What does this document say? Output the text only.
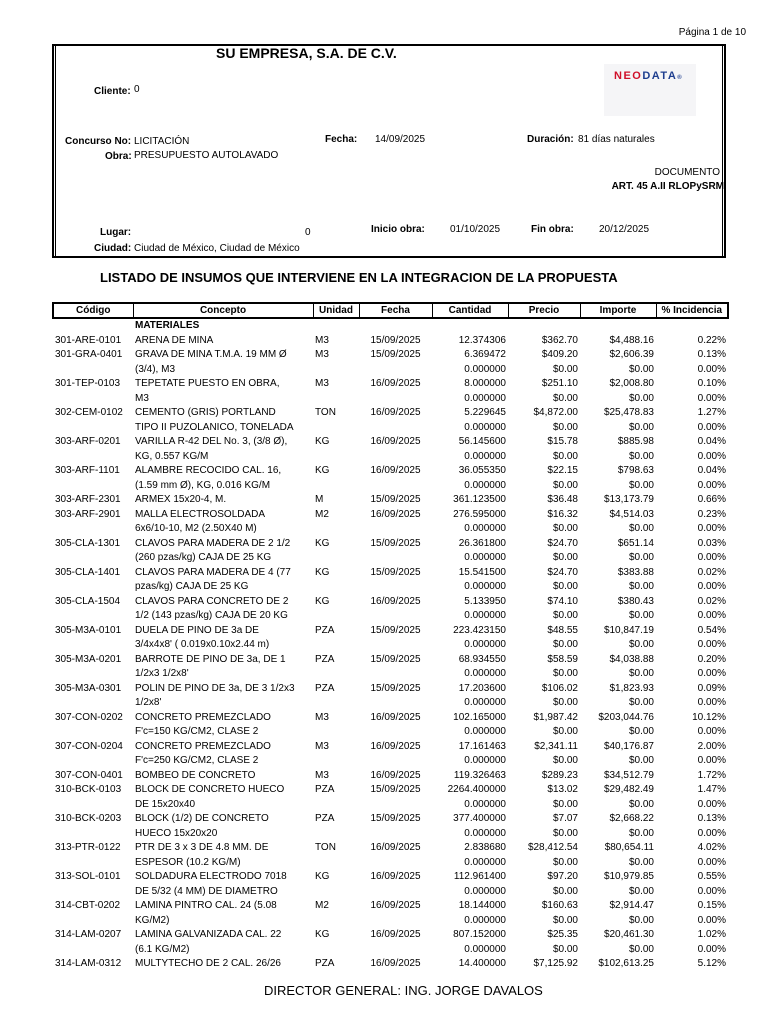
Página 1 de 10
SU EMPRESA, S.A. DE C.V.
NEODATA®
Cliente: 0
Concurso No: LICITACIÓN	Fecha: 14/09/2025	Duración: 81 días naturales
Obra: PRESUPUESTO AUTOLAVADO
DOCUMENTO
ART. 45 A.II RLOPySRM
Lugar:	0	Inicio obra:	01/10/2025	Fin obra:	20/12/2025
Ciudad: Ciudad de México, Ciudad de México
LISTADO DE INSUMOS QUE INTERVIENE EN LA INTEGRACION DE LA PROPUESTA
Código	Concepto	Unidad	Fecha	Cantidad	Precio	Importe	% Incidencia
	MATERIALES						
301-ARE-0101	ARENA DE MINA	M3	15/09/2025	12.374306	$362.70	$4,488.16	0.22%
301-GRA-0401	GRAVA DE MINA T.M.A. 19 MM Ø	M3	15/09/2025	6.369472	$409.20	$2,606.39	0.13%
	(3/4), M3			0.000000	$0.00	$0.00	0.00%
301-TEP-0103	TEPETATE PUESTO EN OBRA,	M3	16/09/2025	8.000000	$251.10	$2,008.80	0.10%
	M3			0.000000	$0.00	$0.00	0.00%
302-CEM-0102	CEMENTO (GRIS) PORTLAND	TON	16/09/2025	5.229645	$4,872.00	$25,478.83	1.27%
	TIPO II PUZOLANICO, TONELADA			0.000000	$0.00	$0.00	0.00%
303-ARF-0201	VARILLA R-42 DEL No. 3, (3/8 Ø),	KG	16/09/2025	56.145600	$15.78	$885.98	0.04%
	KG, 0.557 KG/M			0.000000	$0.00	$0.00	0.00%
303-ARF-1101	ALAMBRE RECOCIDO CAL. 16,	KG	16/09/2025	36.055350	$22.15	$798.63	0.04%
	(1.59 mm Ø), KG, 0.016 KG/M			0.000000	$0.00	$0.00	0.00%
303-ARF-2301	ARMEX 15x20-4, M.	M	15/09/2025	361.123500	$36.48	$13,173.79	0.66%
303-ARF-2901	MALLA ELECTROSOLDADA	M2	16/09/2025	276.595000	$16.32	$4,514.03	0.23%
	6x6/10-10, M2 (2.50X40 M)			0.000000	$0.00	$0.00	0.00%
305-CLA-1301	CLAVOS PARA MADERA DE 2 1/2	KG	15/09/2025	26.361800	$24.70	$651.14	0.03%
	(260 pzas/kg) CAJA DE 25 KG			0.000000	$0.00	$0.00	0.00%
305-CLA-1401	CLAVOS PARA MADERA DE 4 (77	KG	15/09/2025	15.541500	$24.70	$383.88	0.02%
	pzas/kg) CAJA DE 25 KG			0.000000	$0.00	$0.00	0.00%
305-CLA-1504	CLAVOS PARA CONCRETO DE 2	KG	16/09/2025	5.133950	$74.10	$380.43	0.02%
	1/2 (143 pzas/kg) CAJA DE 20 KG			0.000000	$0.00	$0.00	0.00%
305-M3A-0101	DUELA DE PINO DE 3a DE	PZA	15/09/2025	223.423150	$48.55	$10,847.19	0.54%
	3/4x4x8' ( 0.019x0.10x2.44 m)			0.000000	$0.00	$0.00	0.00%
305-M3A-0201	BARROTE DE PINO DE 3a, DE 1	PZA	15/09/2025	68.934550	$58.59	$4,038.88	0.20%
	1/2x3 1/2x8'			0.000000	$0.00	$0.00	0.00%
305-M3A-0301	POLIN DE PINO DE 3a, DE 3 1/2x3	PZA	15/09/2025	17.203600	$106.02	$1,823.93	0.09%
	1/2x8'			0.000000	$0.00	$0.00	0.00%
307-CON-0202	CONCRETO PREMEZCLADO	M3	16/09/2025	102.165000	$1,987.42	$203,044.76	10.12%
	F'c=150 KG/CM2, CLASE 2			0.000000	$0.00	$0.00	0.00%
307-CON-0204	CONCRETO PREMEZCLADO	M3	16/09/2025	17.161463	$2,341.11	$40,176.87	2.00%
	F'c=250 KG/CM2, CLASE 2			0.000000	$0.00	$0.00	0.00%
307-CON-0401	BOMBEO DE CONCRETO	M3	16/09/2025	119.326463	$289.23	$34,512.79	1.72%
310-BCK-0103	BLOCK DE CONCRETO HUECO	PZA	15/09/2025	2264.400000	$13.02	$29,482.49	1.47%
	DE 15x20x40			0.000000	$0.00	$0.00	0.00%
310-BCK-0203	BLOCK (1/2) DE CONCRETO	PZA	15/09/2025	377.400000	$7.07	$2,668.22	0.13%
	HUECO 15x20x20			0.000000	$0.00	$0.00	0.00%
313-PTR-0122	PTR DE 3 x 3 DE 4.8 MM. DE	TON	16/09/2025	2.838680	$28,412.54	$80,654.11	4.02%
	ESPESOR (10.2 KG/M)			0.000000	$0.00	$0.00	0.00%
313-SOL-0101	SOLDADURA ELECTRODO 7018	KG	16/09/2025	112.961400	$97.20	$10,979.85	0.55%
	DE 5/32 (4 MM) DE DIAMETRO			0.000000	$0.00	$0.00	0.00%
314-CBT-0202	LAMINA PINTRO CAL. 24 (5.08	M2	16/09/2025	18.144000	$160.63	$2,914.47	0.15%
	KG/M2)			0.000000	$0.00	$0.00	0.00%
314-LAM-0207	LAMINA GALVANIZADA CAL. 22	KG	16/09/2025	807.152000	$25.35	$20,461.30	1.02%
	(6.1 KG/M2)			0.000000	$0.00	$0.00	0.00%
314-LAM-0312	MULTYTECHO DE 2 CAL. 26/26	PZA	16/09/2025	14.400000	$7,125.92	$102,613.25	5.12%
DIRECTOR GENERAL: ING. JORGE DAVALOS
